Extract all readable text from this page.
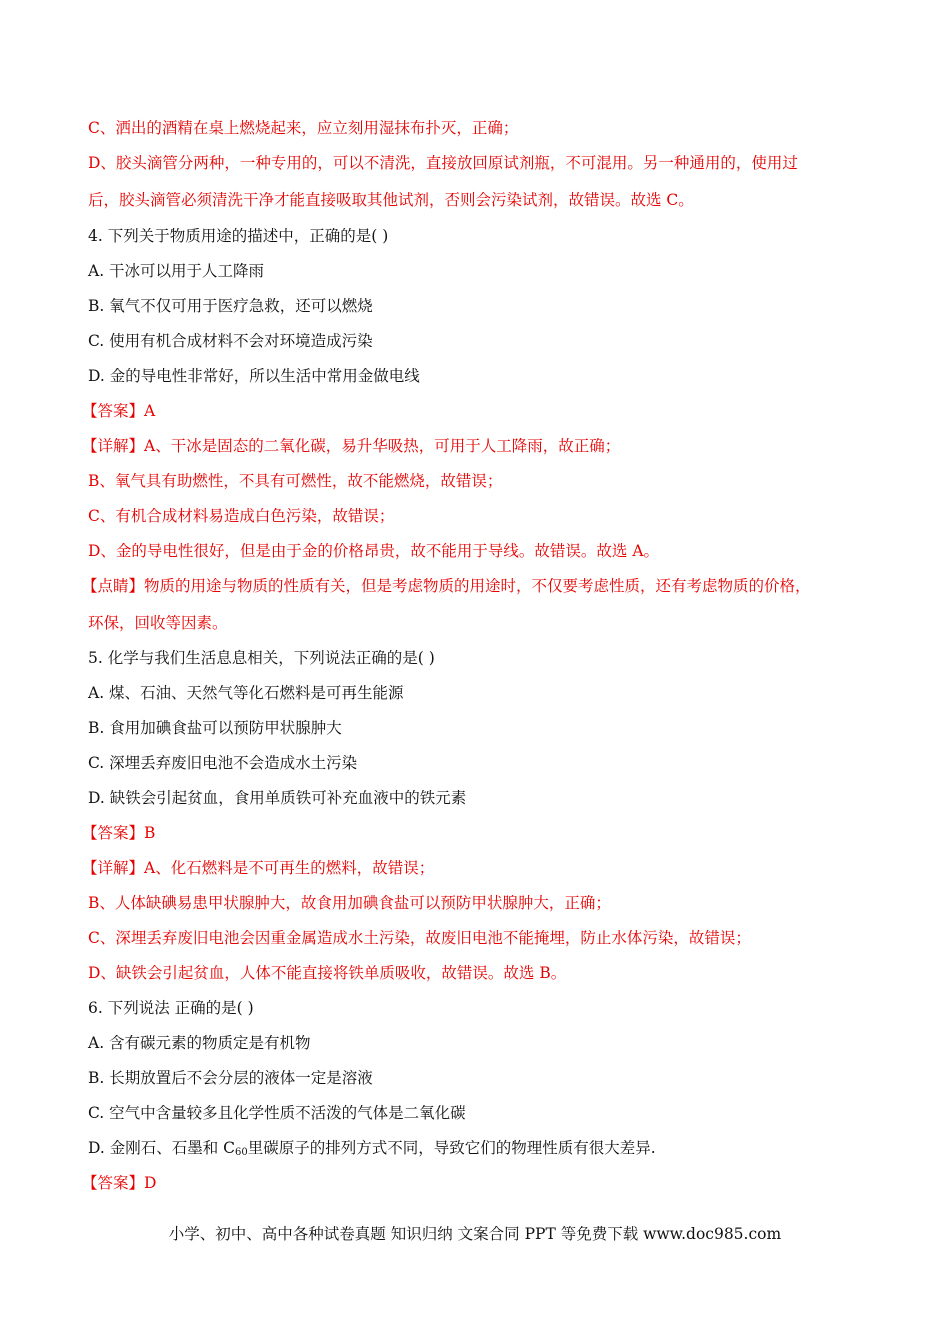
C、洒出的酒精在桌上燃烧起来，应立刻用湿抹布扑灭，正确；
D、胶头滴管分两种，一种专用的，可以不清洗，直接放回原试剂瓶，不可混用。另一种通用的，使用过
后，胶头滴管必须清洗干净才能直接吸取其他试剂，否则会污染试剂，故错误。故选 C。
4. 下列关于物质用途的描述中，正确的是( )
A. 干冰可以用于人工降雨
B. 氧气不仅可用于医疗急救，还可以燃烧
C. 使用有机合成材料不会对环境造成污染
D. 金的导电性非常好，所以生活中常用金做电线
【答案】A
【详解】A、干冰是固态的二氧化碳，易升华吸热，可用于人工降雨，故正确；
B、氧气具有助燃性，不具有可燃性，故不能燃烧，故错误；
C、有机合成材料易造成白色污染，故错误；
D、金的导电性很好，但是由于金的价格昂贵，故不能用于导线。故错误。故选 A。
【点睛】物质的用途与物质的性质有关，但是考虑物质的用途时，不仅要考虑性质，还有考虑物质的价格，
环保，回收等因素。
5. 化学与我们生活息息相关，下列说法正确的是( )
A. 煤、石油、天然气等化石燃料是可再生能源
B. 食用加碘食盐可以预防甲状腺肿大
C. 深埋丢弃废旧电池不会造成水土污染
D. 缺铁会引起贫血，食用单质铁可补充血液中的铁元素
【答案】B
【详解】A、化石燃料是不可再生的燃料，故错误；
B、人体缺碘易患甲状腺肿大，故食用加碘食盐可以预防甲状腺肿大，正确；
C、深埋丢弃废旧电池会因重金属造成水土污染，故废旧电池不能掩埋，防止水体污染，故错误；
D、缺铁会引起贫血，人体不能直接将铁单质吸收，故错误。故选 B。
6. 下列说法 正确的是( )
A. 含有碳元素的物质定是有机物
B. 长期放置后不会分层的液体一定是溶液
C. 空气中含量较多且化学性质不活泼的气体是二氧化碳
D. 金刚石、石墨和 $C_{60}$里碳原子的排列方式不同，导致它们的物理性质有很大差异.
【答案】D
小学、初中、高中各种试卷真题 知识归纳 文案合同 PPT 等免费下载 www.doc985.com
